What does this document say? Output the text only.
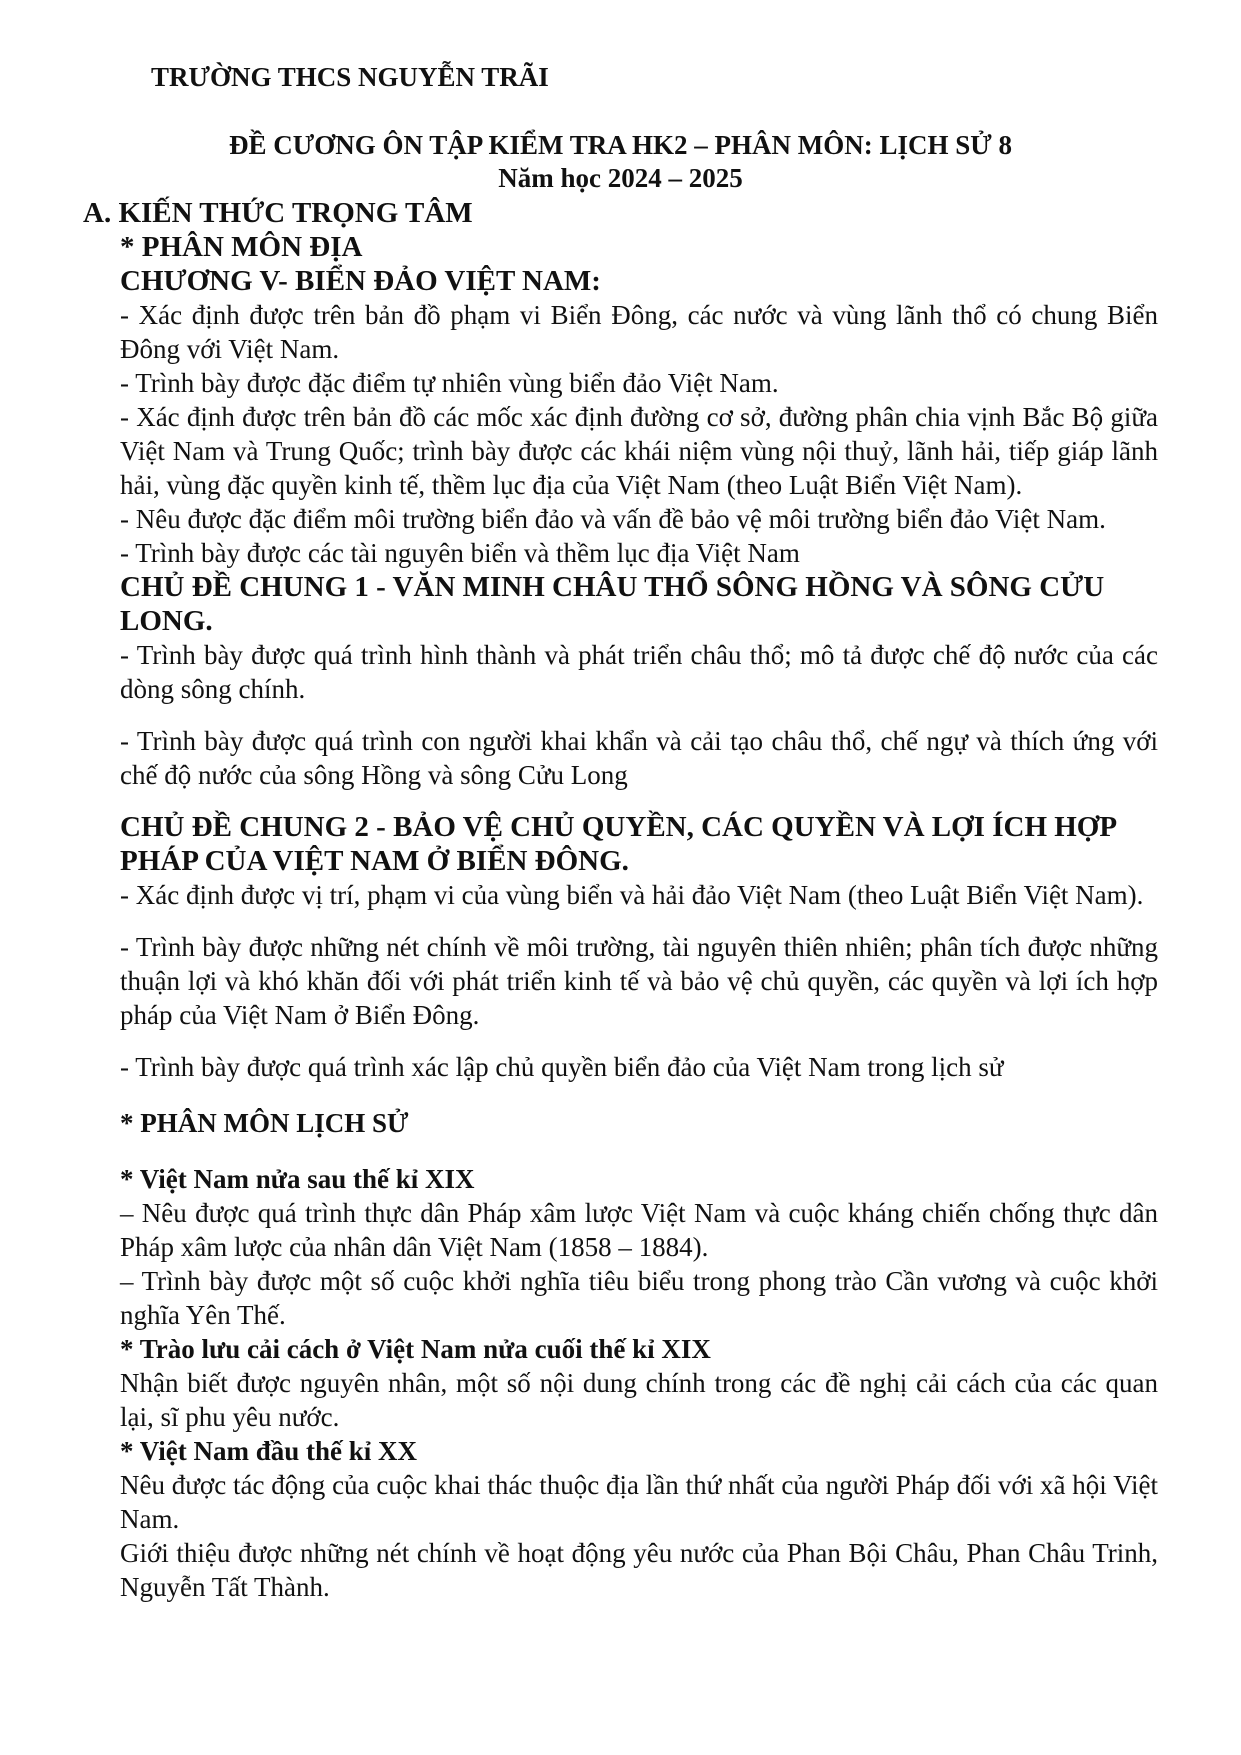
TRƯỜNG THCS NGUYỄN TRÃI
ĐỀ CƯƠNG ÔN TẬP KIỂM TRA HK2 – PHÂN MÔN: LỊCH SỬ 8
Năm học 2024 – 2025

A. KIẾN THỨC TRỌNG TÂM

* PHÂN MÔN ĐỊA

CHƯƠNG V- BIỂN ĐẢO VIỆT NAM:

- Xác định được trên bản đồ phạm vi Biển Đông, các nước và vùng lãnh thổ có chung Biển Đông với Việt Nam.

- Trình bày được đặc điểm tự nhiên vùng biển đảo Việt Nam.

- Xác định được trên bản đồ các mốc xác định đường cơ sở, đường phân chia vịnh Bắc Bộ giữa Việt Nam và Trung Quốc; trình bày được các khái niệm vùng nội thuỷ, lãnh hải, tiếp giáp lãnh hải, vùng đặc quyền kinh tế, thềm lục địa của Việt Nam (theo Luật Biển Việt Nam).

- Nêu được đặc điểm môi trường biển đảo và vấn đề bảo vệ môi trường biển đảo Việt Nam.

- Trình bày được các tài nguyên biển và thềm lục địa Việt Nam

CHỦ ĐỀ CHUNG 1 - VĂN MINH CHÂU THỔ SÔNG HỒNG VÀ SÔNG CỬU LONG.

- Trình bày được quá trình hình thành và phát triển châu thổ; mô tả được chế độ nước của các dòng sông chính.

- Trình bày được quá trình con người khai khẩn và cải tạo châu thổ, chế ngự và thích ứng với chế độ nước của sông Hồng và sông Cửu Long

CHỦ ĐỀ CHUNG 2 - BẢO VỆ CHỦ QUYỀN, CÁC QUYỀN VÀ LỢI ÍCH HỢP PHÁP CỦA VIỆT NAM Ở BIỂN ĐÔNG.

- Xác định được vị trí, phạm vi của vùng biển và hải đảo Việt Nam (theo Luật Biển Việt Nam).

- Trình bày được những nét chính về môi trường, tài nguyên thiên nhiên; phân tích được những thuận lợi và khó khăn đối với phát triển kinh tế và bảo vệ chủ quyền, các quyền và lợi ích hợp pháp của Việt Nam ở Biển Đông.

- Trình bày được quá trình xác lập chủ quyền biển đảo của Việt Nam trong lịch sử

* PHÂN MÔN LỊCH SỬ

* Việt Nam nửa sau thế kỉ XIX

– Nêu được quá trình thực dân Pháp xâm lược Việt Nam và cuộc kháng chiến chống thực dân Pháp xâm lược của nhân dân Việt Nam (1858 – 1884).

– Trình bày được một số cuộc khởi nghĩa tiêu biểu trong phong trào Cần vương và cuộc khởi nghĩa Yên Thế.

* Trào lưu cải cách ở Việt Nam nửa cuối thế kỉ XIX

Nhận biết được nguyên nhân, một số nội dung chính trong các đề nghị cải cách của các quan lại, sĩ phu yêu nước.

* Việt Nam đầu thế kỉ XX

Nêu được tác động của cuộc khai thác thuộc địa lần thứ nhất của người Pháp đối với xã hội Việt Nam.

Giới thiệu được những nét chính về hoạt động yêu nước của Phan Bội Châu, Phan Châu Trinh, Nguyễn Tất Thành.
